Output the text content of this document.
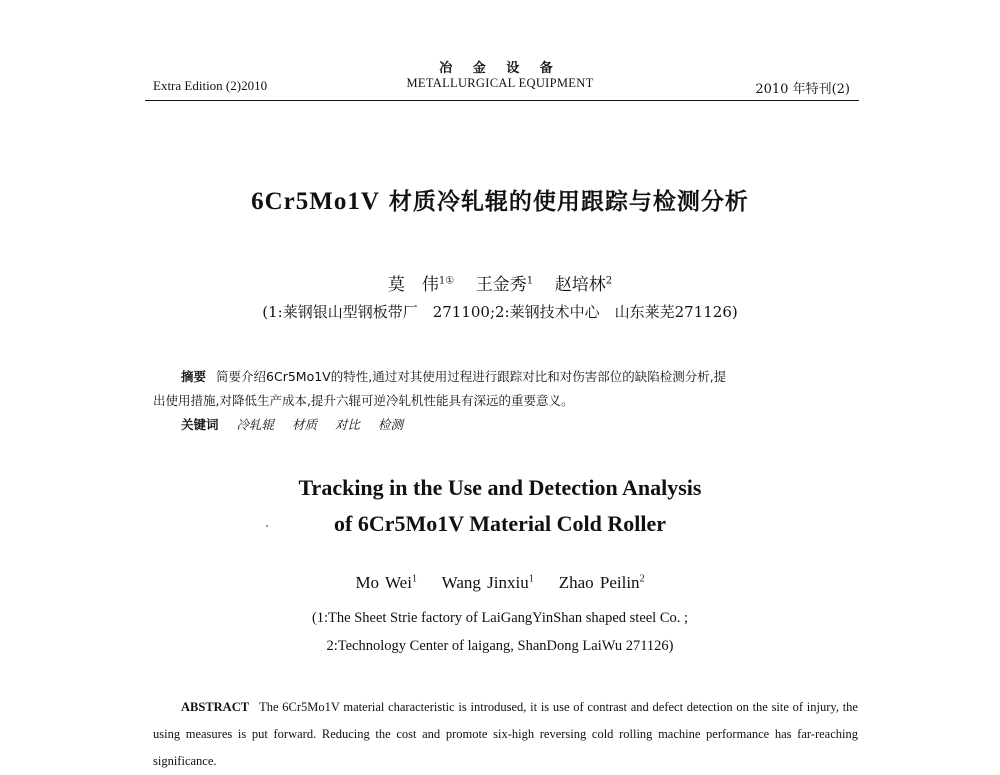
Extra Edition (2)2010
冶 金 设 备
METALLURGICAL EQUIPMENT	2010 年特刊(2)
6Cr5Mo1V 材质冷轧辊的使用跟踪与检测分析
莫　伟$^{1①}$ 王金秀$^1$ 赵培林$^2$
(1:莱钢银山型钢板带厂　271100;2:莱钢技术中心　山东莱芜271126)
摘要 简要介绍6Cr5Mo1V的特性,通过对其使用过程进行跟踪对比和对伤害部位的缺陷检测分析,提
出使用措施,对降低生产成本,提升六辊可逆冷轧机性能具有深远的重要意义。
关键词 冷轧辊 材质 对比 检测
Tracking in the Use and Detection Analysis
of 6Cr5Mo1V Material Cold Roller
Mo Wei$^1$ Wang Jinxiu$^1$ Zhao Peilin$^2$
(1:The Sheet Strie factory of LaiGangYinShan shaped steel Co. ;
2:Technology Center of laigang, ShanDong LaiWu 271126)
ABSTRACT The 6Cr5Mo1V material characteristic is introdused, it is use of contrast and defect detection on the site of injury, the using measures is put forward. Reducing the cost and promote six-high reversing cold rolling machine performance has far-reaching significance.
